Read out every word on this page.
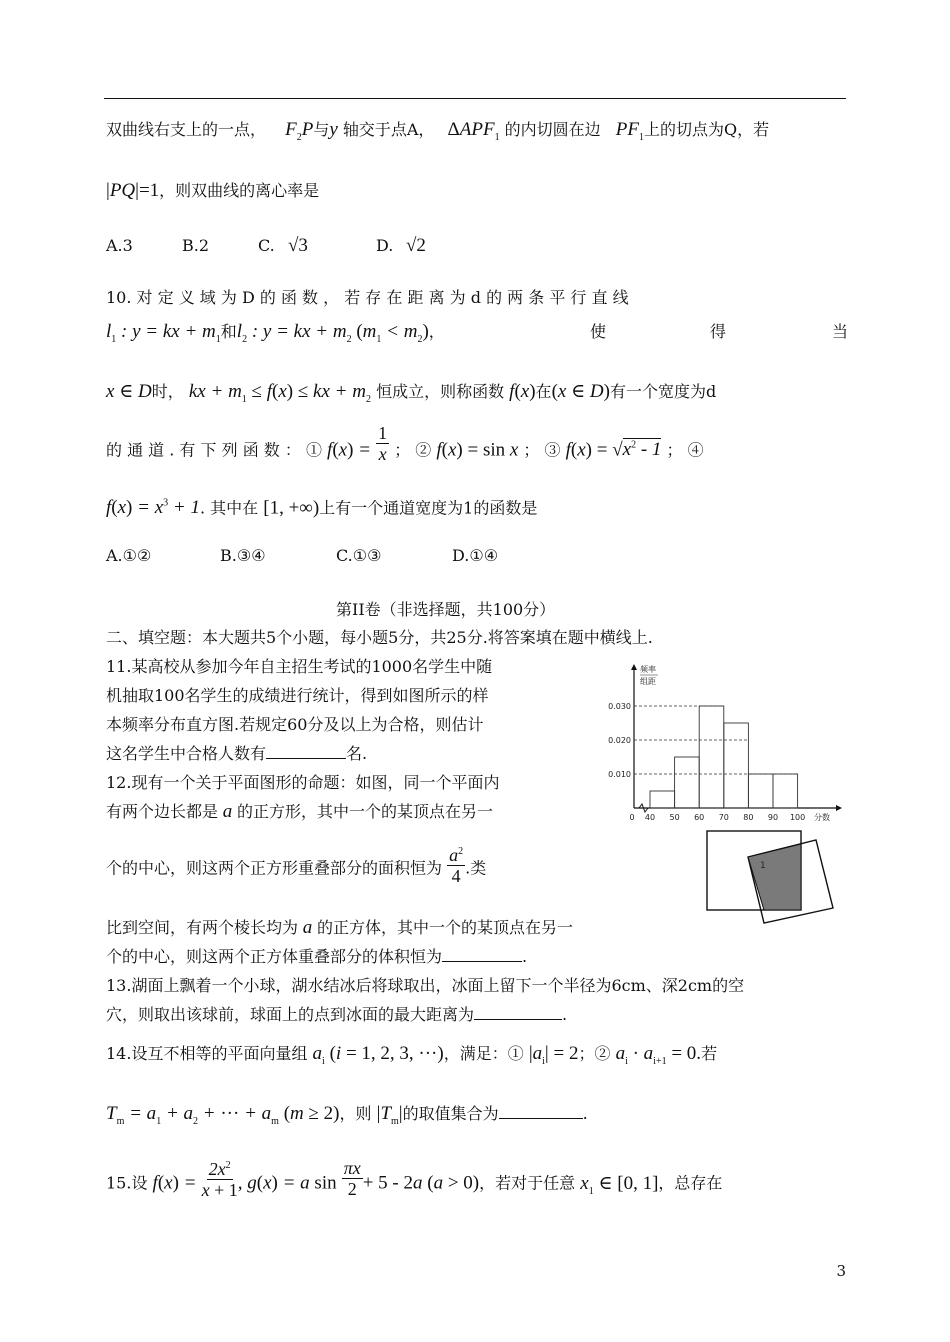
双曲线右支上的一点， $F_2P$与y 轴交于点A， $\Delta APF_1$ 的内切圆在边 $PF_1$上的切点为Q，若
|PQ|=1，则双曲线的离心率是
A.3	B.2	C. √3	D. √2
10. 对 定 义 域 为 D 的 函 数 ， 若 存 在 距 离 为 d 的 两 条 平 行 直 线
$l_1$ : y = kx + $m_1$和$l_2$ : y = kx + $m_2$ $(m_1 < m_2)$，	使	得	当
x ∈ D时， kx + $m_1 \le f(x)$ ≤ kx + $m_2$ 恒成立，则称函数 f(x)在(x ∈ D)有一个宽度为d
的 通 道 . 有 下 列 函 数 ： ① $f(x) = \frac{1}{x}$ ； ② f(x) = sin x ； ③ $f(x) = √x^2 - 1$ ； ④
$f(x) = x^3 + 1$. 其中在 [1, +∞)上有一个通道宽度为1的函数是
A.①②	B.③④	C.①③	D.①④
第II卷（非选择题，共100分）
二、填空题：本大题共5个小题，每小题5分，共25分.将答案填在题中横线上.
11.某高校从参加今年自主招生考试的1000名学生中随
机抽取100名学生的成绩进行统计，得到如图所示的样
本频率分布直方图.若规定60分及以上为合格，则估计
这名学生中合格人数有	名.
12.现有一个关于平面图形的命题：如图，同一个平面内
有两个边长都是 a 的正方形，其中一个的某顶点在另一
个的中心，则这两个正方形重叠部分的面积恒为 $\frac{a^2}{4}$ .类
比到空间，有两个棱长均为 a 的正方体，其中一个的某顶点在另一
个的中心，则这两个正方体重叠部分的体积恒为	.
13.湖面上飘着一个小球，湖水结冰后将球取出，冰面上留下一个半径为6cm、深2cm的空
穴，则取出该球前，球面上的点到冰面的最大距离为	.
14.设互不相等的平面向量组 $a_i$ (i = 1, 2, 3, ···)，满足：① $|a_i| = 2$；② $a_i \cdot a_{i+1} = 0$.若
$T_m = a_1 + a_2$ + ··· + $a_m$ (m ≥ 2)，则 $|T_m|$的取值集合为	.
15.设 $f(x) = \frac{2x^2}{x + 1}$ , g(x) = a $\sin \frac{\pi x}{2} + 5 - 2a$ (a > 0)，若对于任意 $x_1$ ∈ [0, 1]，总存在
3
0.010
0.020
0.030
0 40 50 60 70 80 90 100 分数
频率
组距
1
